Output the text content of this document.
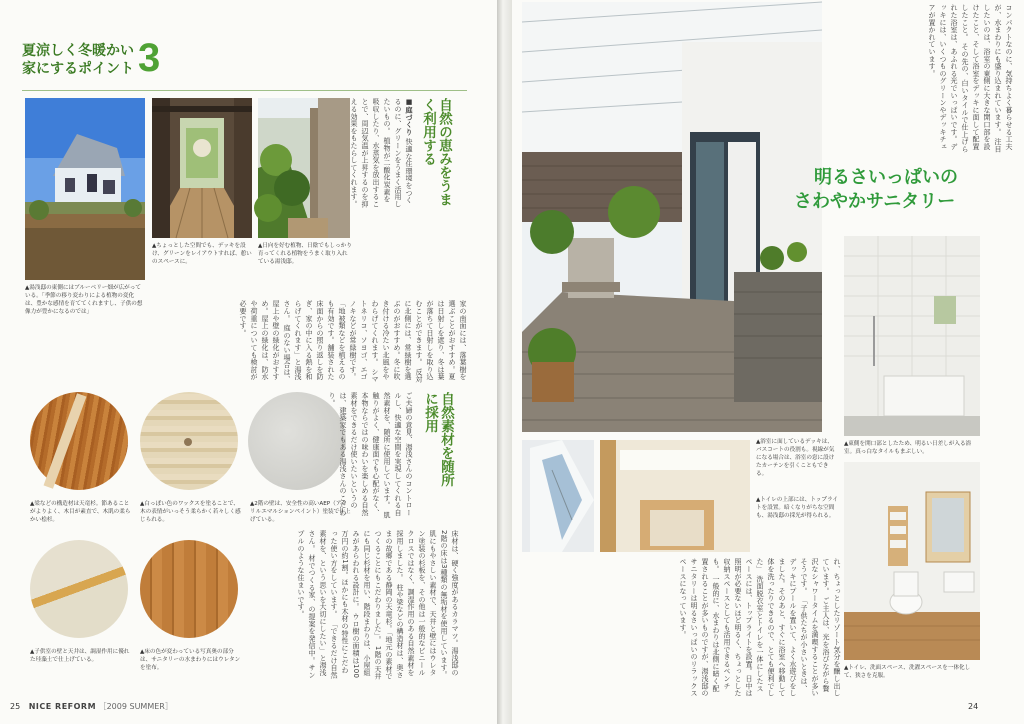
夏涼しく冬暖かい
家にするポイント 3
▲湯浅邸の東側にはブルーベリー畑が広がっている。「季節の移り変わりによる植物の変化は、豊かな感情を育ててくれますし、子供の想像力が豊かになるのでは」
▲ちょっとした空間でも、デッキを設け、グリーンをレイアウトすれば、憩いのスペースに。
▲日向を好む植物、日陰でもしっかり育ってくれる植物をうまく取り入れている湯浅邸。
自然の恵みをうまく利用する
■庭づくり 快適な住環境をつくるのに、グリーンをうまく活用したいもの。 植物が二酸化炭素を吸収したり、水蒸気を放出することで、周辺気温が上昇するのを抑える効果をもたらしてくれます。
家の南面には、落葉樹を選ぶことがおすすめ。夏は日射しを遮り、冬は葉が落ちて日射しを取り込むことができます。 反対に北側には、常緑樹を選ぶのがおすすめ。冬に吹き付ける冷たい北風をやわらげてくれます。 シマトネリコ、ソヨゴ、エゴノキなどが常緑樹です。 「地被類などを植えるのも有効です。舗装された床面からの照り返しを防ぎ、家の中に入る熱を和らげてくれます」と湯浅さん。 庭のない場合は、屋上や壁の緑化がおすすめ。屋上の緑化は、防水や荷重についても検討が必要です。
自然素材を随所に採用
▲梁などの構造材は天竜杉。節あることがよりよく、木目が素直で、木肌の柔らかい桧杉。
▲白っぽい色のワックスを塗ることで、木の表情がいっそう柔らかく若々しく感じられる。
▲2階の壁は、安全性の高いAEP（アクリルエマルションペイント）塗装で仕上げている。
ご夫婦の意見、湯浅さんのコントロールし、快適な空間を実現してくれる自然素材を、随所に使用しています。 肌触りがよく、健康面でも心配がなく、本物ならではの味わいを楽しめる自然素材をできるだけ使いたいというのは、建築家でもある湯浅さんのこだわり。
▲子供室の壁と天井は、調湿作用に優れた珪藻土で仕上げている。
▲床の色が変わっている写真奥の部分は、サニタリーの水まわりにはウレタンを塗布。	床材は、硬く強度があるカラマツ。湯浅邸の2階の床は3種類の無垢材を使用しています。 肌にもやさしい素材で、天井と壁にはウレタン塗装の杉板を、その他は一般的なビニールクロスではなく、調湿作用のある自然素材を採用しました。 柱や梁などの構造材は、奥さまの故郷である静岡の天竜杉。「地元の素材でつくることにもこだわりました」。 1階の天井にも同じ杉材を用い、階段まわりは、小屋組みがあらわれる設計に。 ウロ樹の面積は100万円の約1割。ほかにも木材の特性にこだわった使い方をしています。 「できるだけ自然素材を、という思いを大切にしたい」と湯浅さん。 材でつくる家、の提案を発信中。サンプルのような住まいです。
25 NICE REFORM ［2009 SUMMER］
コンパクトなのに、気持ちよく暮らせる工夫が、水まわりにも盛り込まれています。 注目したいのは、浴室の東側に大きな開口部を設けたこと、そして浴室をデッキに面して配置したこと。 その先の、白いタイルで仕上げられた浴室は、あふれる光でいっぱいです。デッキには、いくつものグリーンやデッキチェアが置かれています。
明るさいっぱいの
さわやかサニタリー
▲東側を開口部としたため、明るい日差しが入る浴室。真っ白なタイルもまぶしい。
▲浴室に面しているデッキは、バスコートの役割も。視線が気になる場合は、浴室の窓に設けたカーテンを引くこともできる。
▲トイレの上部には、トップライトを設置。暗くなりがちな空間も、湯浅邸の採光が得られる。
れ、ちょっとしたリゾート気分を醸し出しています。 ご主人は、光を浴びながら贅沢なシャワータイムを満喫することが多いそうです。 「子供たちが小さいときは、デッキにプールを置いて、よく水遊びをしました。そのあと、すぐに浴室へ移動して体を洗ったりできるので、とても便利でした」 洗面脱衣室とトイレを一体にしたスペースには、トップライトを設置。日中は照明が必要ないほど明るく、ちょっとした収納スペースとしても活用できるベンチも。 一般的に、水まわりは北側に暗く配置されることが多いものですが、湯浅邸のサニタリーは明るさいっぱいのリラックスペースになっています。
▲トイレ、洗面スペース、洗濯スペースを一体化して、狭さを克服。
24
